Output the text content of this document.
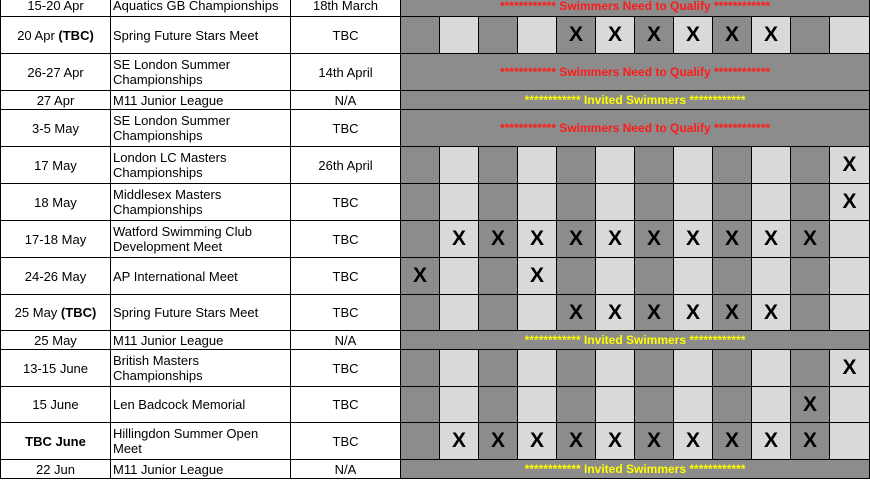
15-20 Apr	Aquatics GB Championships	18th March	************ Swimmers Need to Qualify ************											
20 Apr (TBC)	Spring Future Stars Meet	TBC					X	X	X	X	X	X		
26-27 Apr	SE London Summer Championships	14th April	************ Swimmers Need to Qualify ************											
27 Apr	M11 Junior League	N/A	************ Invited Swimmers ************											
3-5 May	SE London Summer Championships	TBC	************ Swimmers Need to Qualify ************											
17 May	London LC Masters Championships	26th April												X
18 May	Middlesex Masters Championships	TBC												X
17-18 May	Watford Swimming Club Development Meet	TBC		X	X	X	X	X	X	X	X	X	X	
24-26 May	AP International Meet	TBC	X			X								
25 May (TBC)	Spring Future Stars Meet	TBC					X	X	X	X	X	X		
25 May	M11 Junior League	N/A	************ Invited Swimmers ************											
13-15 June	British Masters Championships	TBC												X
15 June	Len Badcock Memorial	TBC											X	
TBC June	Hillingdon Summer Open Meet	TBC		X	X	X	X	X	X	X	X	X	X	
22 Jun	M11 Junior League	N/A	************ Invited Swimmers ************											
